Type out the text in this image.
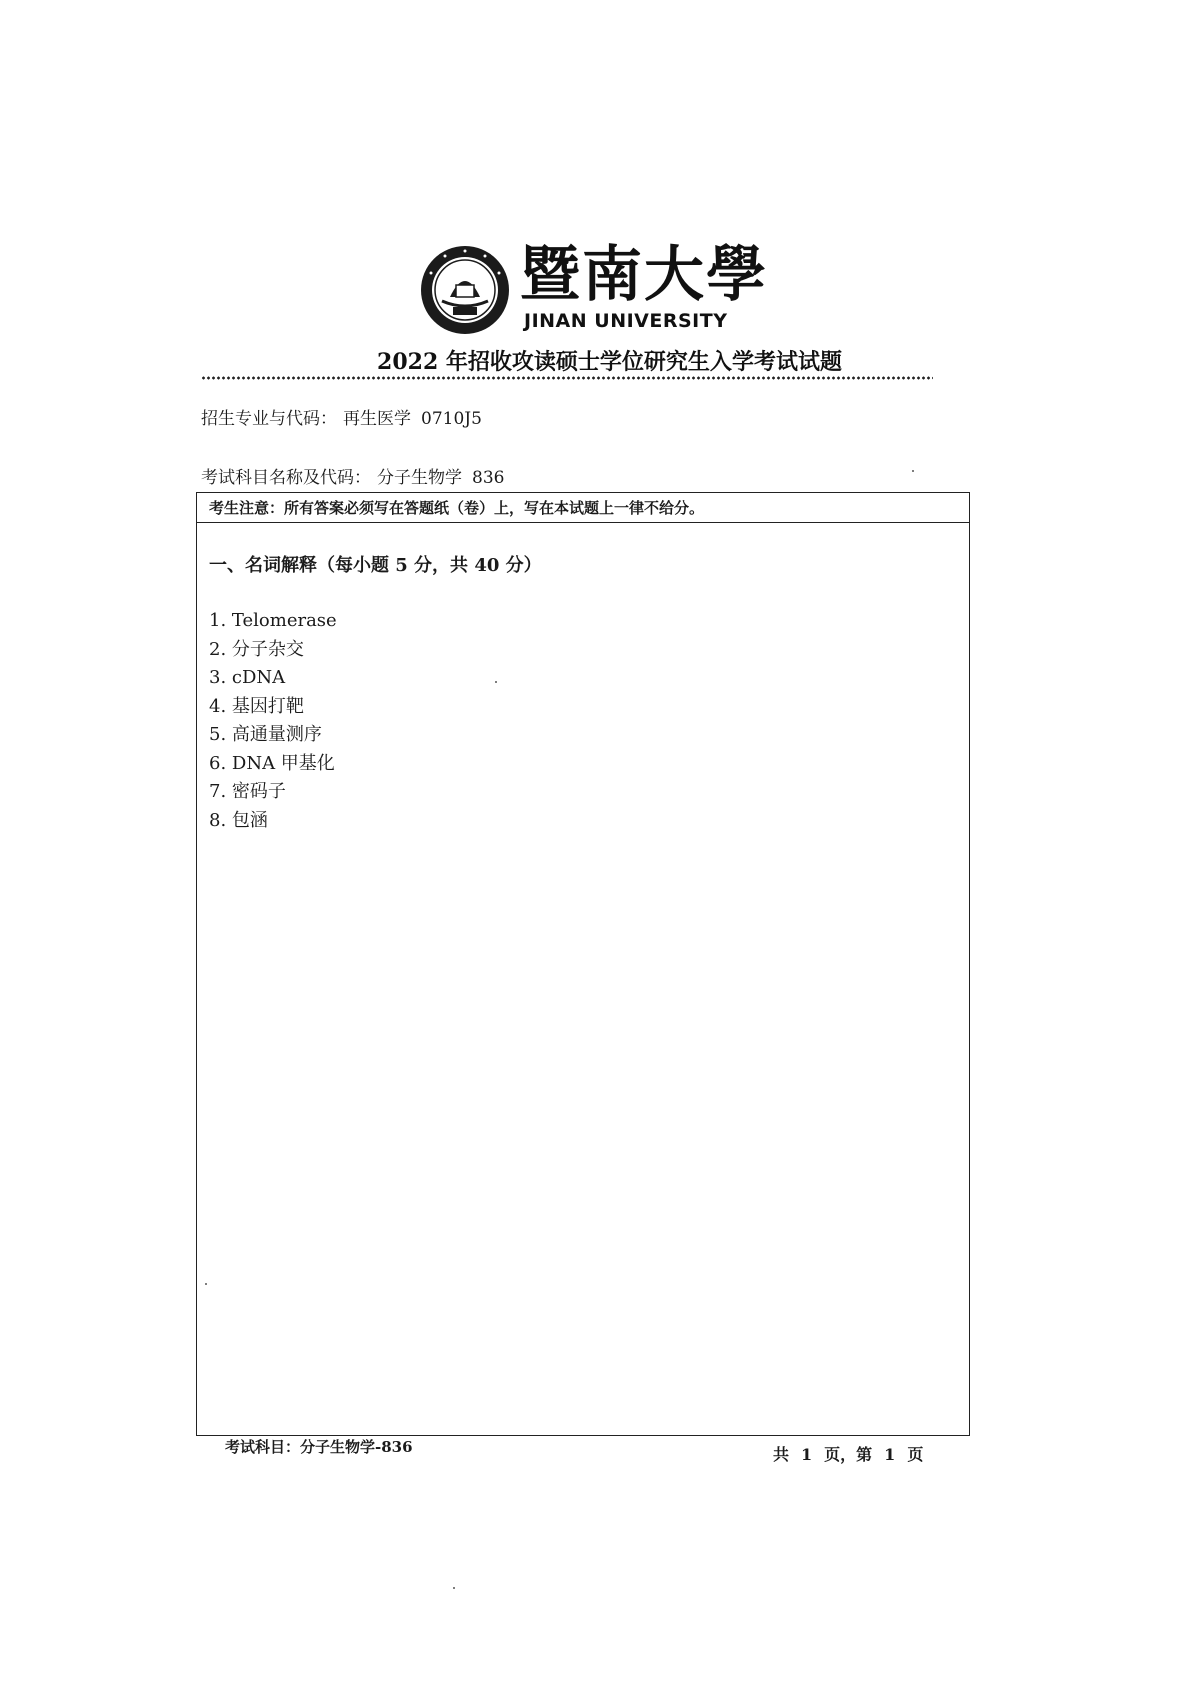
暨南大學
JINAN UNIVERSITY
2022 年招收攻读硕士学位研究生入学考试试题
招生专业与代码： 再生医学 0710J5
考试科目名称及代码： 分子生物学 836
考生注意：所有答案必须写在答题纸（卷）上，写在本试题上一律不给分。
一、名词解释（每小题 5 分，共 40 分）
1. Telomerase
2. 分子杂交
3. cDNA
4. 基因打靶
5. 高通量测序
6. DNA 甲基化
7. 密码子
8. 包涵
考试科目：分子生物学-836	共 1 页，第 1 页
